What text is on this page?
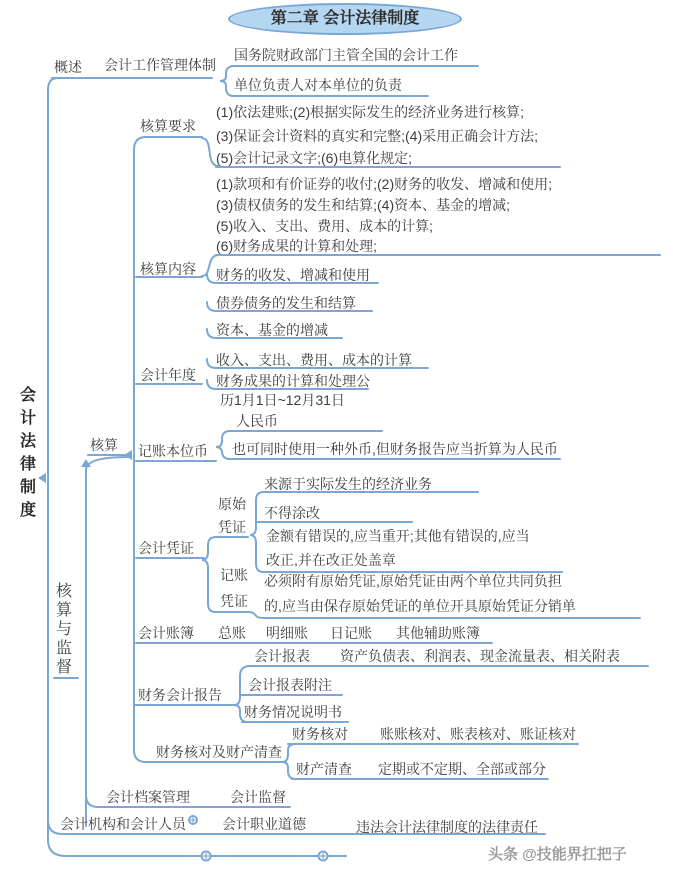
第二章 会计法律制度
会计法律制度
核算与监督
概述 会计工作管理体制
国务院财政部门主管全国的会计工作
单位负责人对本单位的负责
核算要求
(1)依法建账;(2)根据实际发生的经济业务进行核算;
(3)保证会计资料的真实和完整;(4)采用正确会计方法;
(5)会计记录文字;(6)电算化规定;
(1)款项和有价证券的收付;(2)财务的收发、增减和使用;
(3)债权债务的发生和结算;(4)资本、基金的增减;
(5)收入、支出、费用、成本的计算;
(6)财务成果的计算和处理;
核算内容 财务的收发、增减和使用
债券债务的发生和结算
资本、基金的增减
收入、支出、费用、成本的计算
财务成果的计算和处理公
会计年度
历1月1日~12月31日
人民币
核算 记账本位币 也可同时使用一种外币,但财务报告应当折算为人民币
来源于实际发生的经济业务
原始
凭证
不得涂改
金额有错误的,应当重开;其他有错误的,应当
改正,并在改正处盖章
会计凭证
记账
凭证
必须附有原始凭证,原始凭证由两个单位共同负担
的,应当由保存原始凭证的单位开具原始凭证分销单
会计账簿 总账 明细账 日记账 其他辅助账簿
会计报表 资产负债表、利润表、现金流量表、相关附表
会计报表附注
财务会计报告
财务情况说明书
财务核对 账账核对、账表核对、账证核对
财务核对及财产清查
财产清查 定期或不定期、全部或部分
会计档案管理	会计监督
会计机构和会计人员	会计职业道德	违法会计法律制度的法律责任
头条 @技能界扛把子
